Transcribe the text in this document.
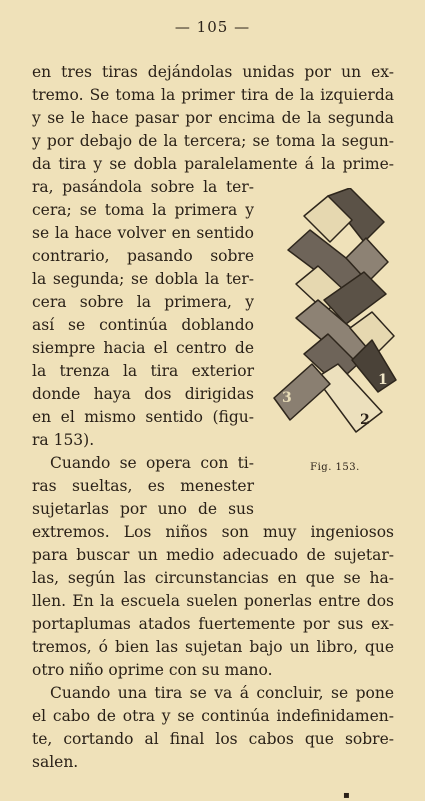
— 105 —
en tres tiras dejándolas unidas por un ex-
tremo. Se toma la primer tira de la izquierda
y se le hace pasar por encima de la segunda
y por debajo de la tercera; se toma la segun-
da tira y se dobla paralelamente á la prime-
ra, pasándola sobre la ter-
cera; se toma la primera y
se la hace volver en sentido
contrario, pasando sobre
la segunda; se dobla la ter-
cera sobre la primera, y
así se continúa doblando
siempre hacia el centro de
la trenza la tira exterior
donde haya dos dirigidas
en el mismo sentido (figu-
ra 153).
Cuando se opera con ti-
ras sueltas, es menester
sujetarlas por uno de sus
extremos. Los niños son muy ingeniosos
para buscar un medio adecuado de sujetar-
las, según las circunstancias en que se ha-
llen. En la escuela suelen ponerlas entre dos
portaplumas atados fuertemente por sus ex-
tremos, ó bien las sujetan bajo un libro, que
otro niño oprime con su mano.
Cuando una tira se va á concluir, se pone
el cabo de otra y se continúa indefinidamen-
te, cortando al final los cabos que sobre-
salen.
1
2
3
Fig. 153.
▪
